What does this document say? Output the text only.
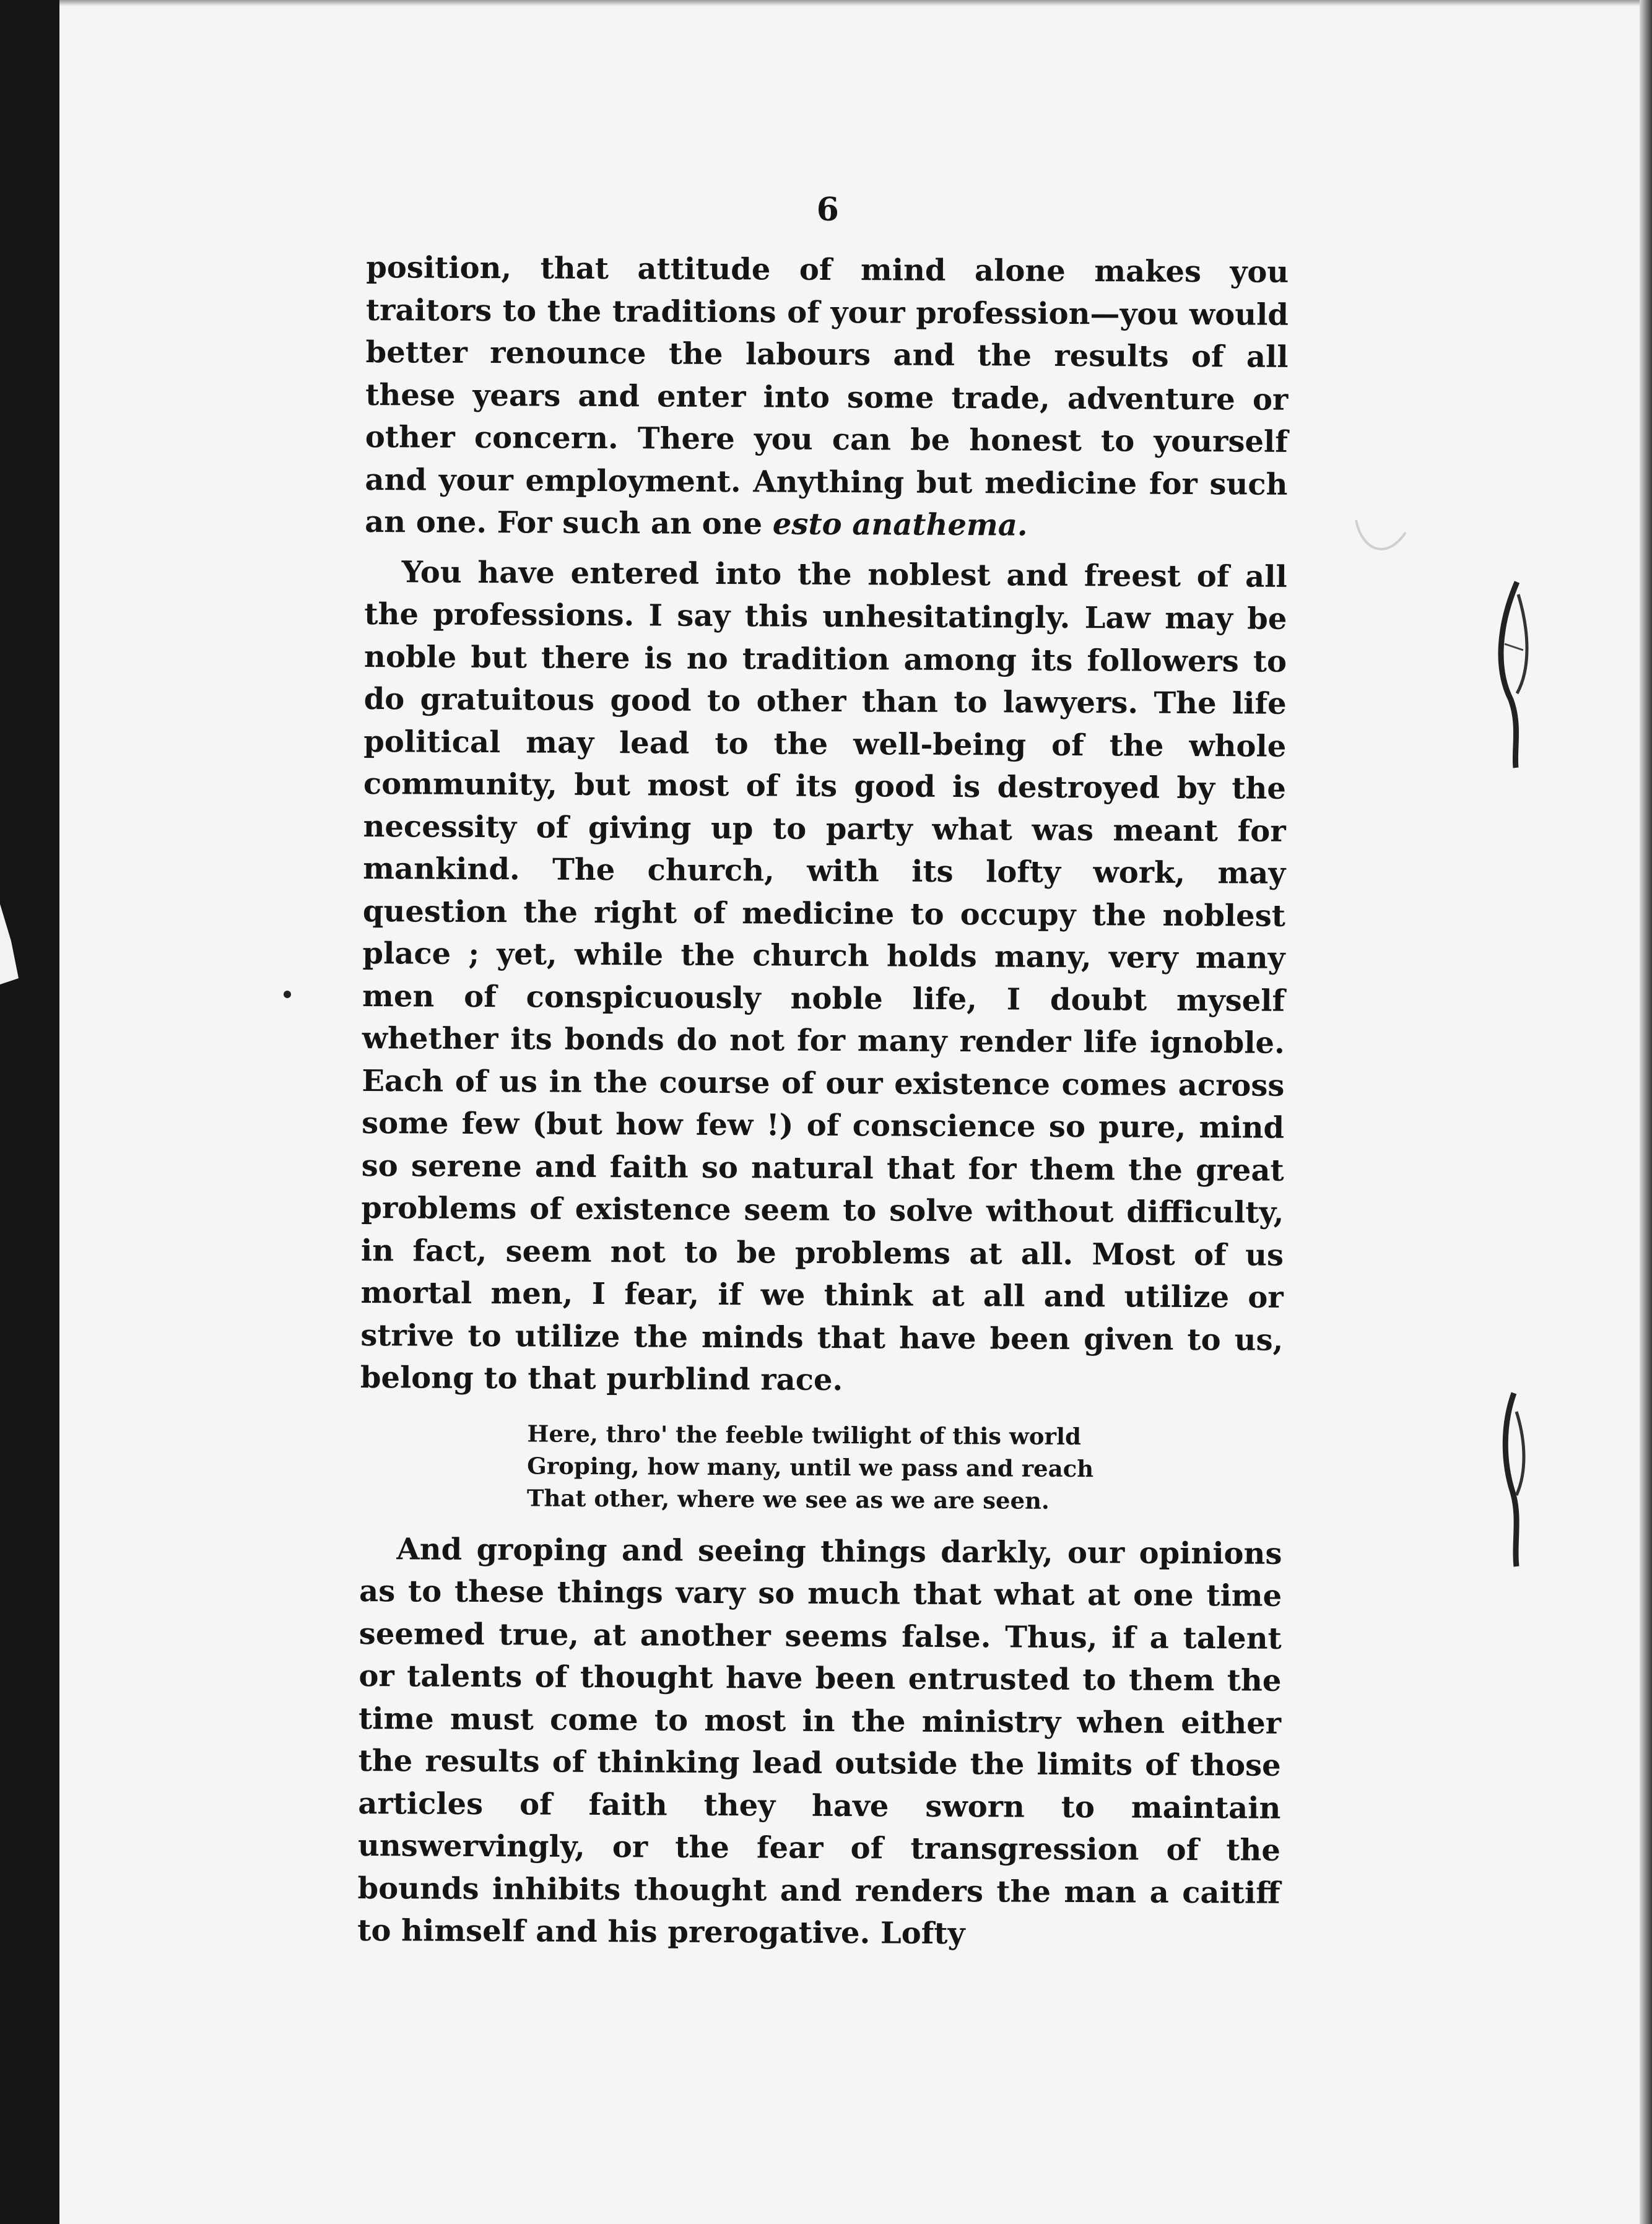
6

position, that attitude of mind alone makes you traitors to the traditions of your profession—you would better renounce the labours and the results of all these years and enter into some trade, adventure or other concern. There you can be honest to yourself and your employment. Anything but medicine for such an one. For such an one esto anathema.

You have entered into the noblest and freest of all the professions. I say this unhesitatingly. Law may be noble but there is no tradition among its followers to do gratuitous good to other than to lawyers. The life political may lead to the well-being of the whole community, but most of its good is destroyed by the necessity of giving up to party what was meant for mankind. The church, with its lofty work, may question the right of medicine to occupy the noblest place ; yet, while the church holds many, very many men of conspicuously noble life, I doubt myself whether its bonds do not for many render life ignoble. Each of us in the course of our existence comes across some few (but how few !) of conscience so pure, mind so serene and faith so natural that for them the great problems of existence seem to solve without difficulty, in fact, seem not to be problems at all. Most of us mortal men, I fear, if we think at all and utilize or strive to utilize the minds that have been given to us, belong to that purblind race.

Here, thro' the feeble twilight of this world
Groping, how many, until we pass and reach
That other, where we see as we are seen.

And groping and seeing things darkly, our opinions as to these things vary so much that what at one time seemed true, at another seems false. Thus, if a talent or talents of thought have been entrusted to them the time must come to most in the ministry when either the results of thinking lead outside the limits of those articles of faith they have sworn to maintain unswervingly, or the fear of transgression of the bounds inhibits thought and renders the man a caitiff to himself and his prerogative. Lofty
